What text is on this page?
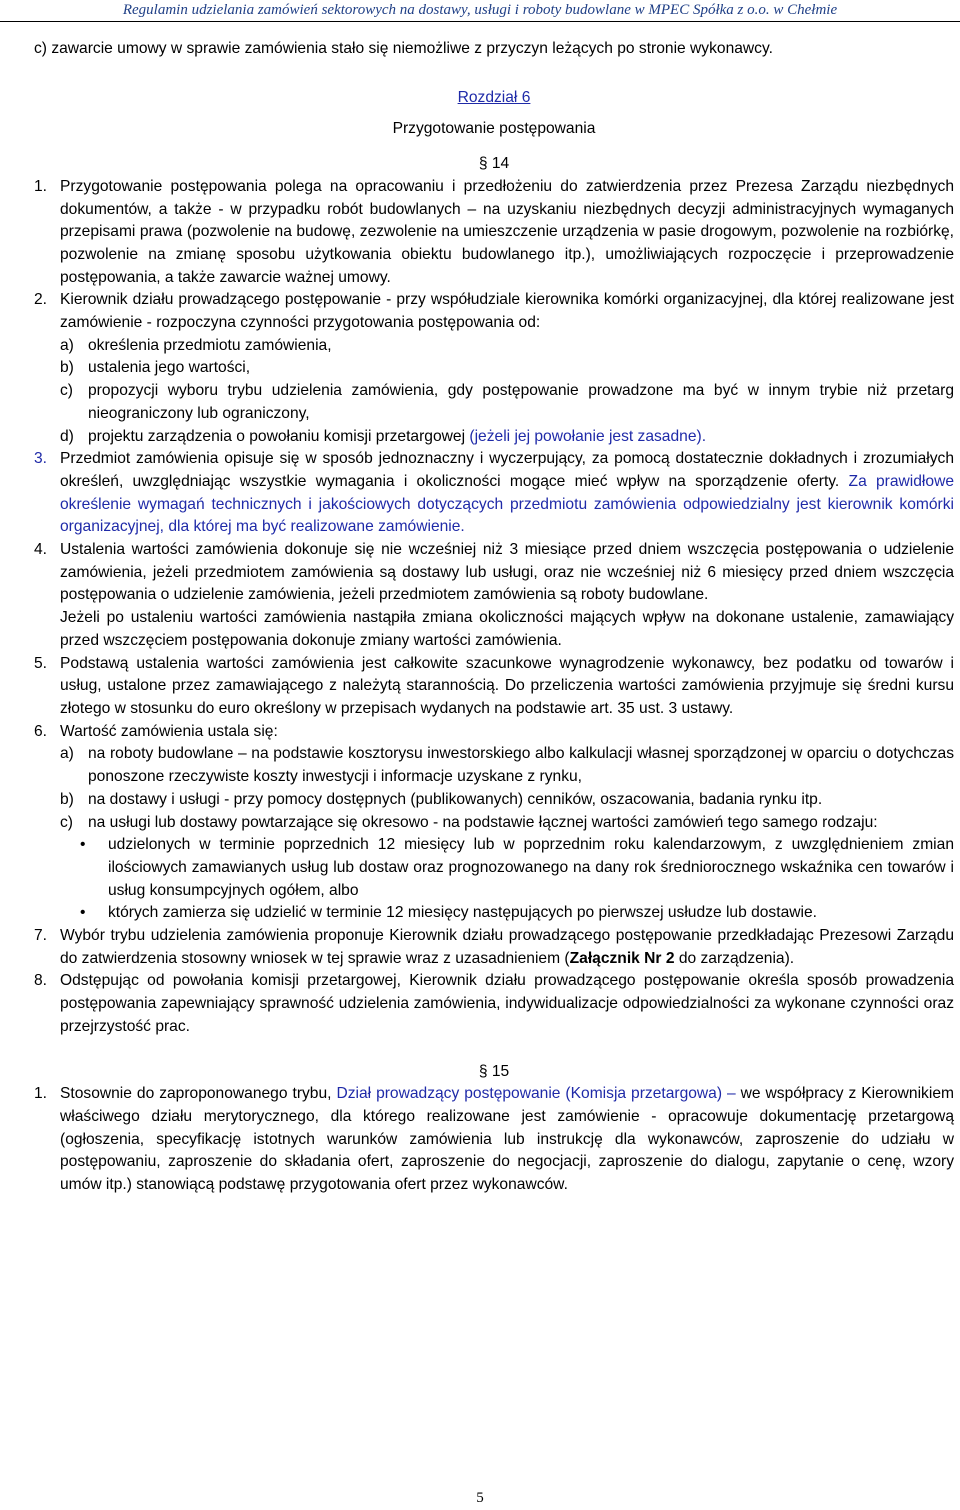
Regulamin udzielania zamówień sektorowych na dostawy, usługi i roboty budowlane w MPEC Spółka z o.o. w Chełmie

c) zawarcie umowy w sprawie zamówienia stało się niemożliwe z przyczyn leżących po stronie wykonawcy.

Rozdział 6
Przygotowanie postępowania
§ 14
1. Przygotowanie postępowania polega na opracowaniu i przedłożeniu do zatwierdzenia przez Prezesa Zarządu niezbędnych dokumentów, a także - w przypadku robót budowlanych – na uzyskaniu niezbędnych decyzji administracyjnych wymaganych przepisami prawa (pozwolenie na budowę, zezwolenie na umieszczenie urządzenia w pasie drogowym, pozwolenie na rozbiórkę, pozwolenie na zmianę sposobu użytkowania obiektu budowlanego itp.), umożliwiających rozpoczęcie i przeprowadzenie postępowania, a także zawarcie ważnej umowy.
2. Kierownik działu prowadzącego postępowanie - przy współudziale kierownika komórki organizacyjnej, dla której realizowane jest zamówienie - rozpoczyna czynności przygotowania postępowania od:
a) określenia przedmiotu zamówienia,
b) ustalenia jego wartości,
c) propozycji wyboru trybu udzielenia zamówienia, gdy postępowanie prowadzone ma być w innym trybie niż przetarg nieograniczony lub ograniczony,
d) projektu zarządzenia o powołaniu komisji przetargowej (jeżeli jej powołanie jest zasadne).
3. Przedmiot zamówienia opisuje się w sposób jednoznaczny i wyczerpujący, za pomocą dostatecznie dokładnych i zrozumiałych określeń, uwzględniając wszystkie wymagania i okoliczności mogące mieć wpływ na sporządzenie oferty. Za prawidłowe określenie wymagań technicznych i jakościowych dotyczących przedmiotu zamówienia odpowiedzialny jest kierownik komórki organizacyjnej, dla której ma być realizowane zamówienie.
4. Ustalenia wartości zamówienia dokonuje się nie wcześniej niż 3 miesiące przed dniem wszczęcia postępowania o udzielenie zamówienia, jeżeli przedmiotem zamówienia są dostawy lub usługi, oraz nie wcześniej niż 6 miesięcy przed dniem wszczęcia postępowania o udzielenie zamówienia, jeżeli przedmiotem zamówienia są roboty budowlane.
Jeżeli po ustaleniu wartości zamówienia nastąpiła zmiana okoliczności mających wpływ na dokonane ustalenie, zamawiający przed wszczęciem postępowania dokonuje zmiany wartości zamówienia.
5. Podstawą ustalenia wartości zamówienia jest całkowite szacunkowe wynagrodzenie wykonawcy, bez podatku od towarów i usług, ustalone przez zamawiającego z należytą starannością. Do przeliczenia wartości zamówienia przyjmuje się średni kursu złotego w stosunku do euro określony w przepisach wydanych na podstawie art. 35 ust. 3 ustawy.
6. Wartość zamówienia ustala się:
a) na roboty budowlane – na podstawie kosztorysu inwestorskiego albo kalkulacji własnej sporządzonej w oparciu o dotychczas ponoszone rzeczywiste koszty inwestycji i informacje uzyskane z rynku,
b) na dostawy i usługi - przy pomocy dostępnych (publikowanych) cenników, oszacowania, badania rynku itp.
c) na usługi lub dostawy powtarzające się okresowo - na podstawie łącznej wartości zamówień tego samego rodzaju:
•	udzielonych w terminie poprzednich 12 miesięcy lub w poprzednim roku kalendarzowym, z uwzględnieniem zmian ilościowych zamawianych usług lub dostaw oraz prognozowanego na dany rok średniorocznego wskaźnika cen towarów i usług konsumpcyjnych ogółem, albo
•	których zamierza się udzielić w terminie 12 miesięcy następujących po pierwszej usłudze lub dostawie.
7. Wybór trybu udzielenia zamówienia proponuje Kierownik działu prowadzącego postępowanie przedkładając Prezesowi Zarządu do zatwierdzenia stosowny wniosek w tej sprawie wraz z uzasadnieniem (Załącznik Nr 2 do zarządzenia).
8. Odstępując od powołania komisji przetargowej, Kierownik działu prowadzącego postępowanie określa sposób prowadzenia postępowania zapewniający sprawność udzielenia zamówienia, indywidualizacje odpowiedzialności za wykonane czynności oraz przejrzystość prac.
§ 15
1. Stosownie do zaproponowanego trybu, Dział prowadzący postępowanie (Komisja przetargowa) – we współpracy z Kierownikiem właściwego działu merytorycznego, dla którego realizowane jest zamówienie - opracowuje dokumentację przetargową (ogłoszenia, specyfikację istotnych warunków zamówienia lub instrukcję dla wykonawców, zaproszenie do udziału w postępowaniu, zaproszenie do składania ofert, zaproszenie do negocjacji, zaproszenie do dialogu, zapytanie o cenę, wzory umów itp.) stanowiącą podstawę przygotowania ofert przez wykonawców.
5
